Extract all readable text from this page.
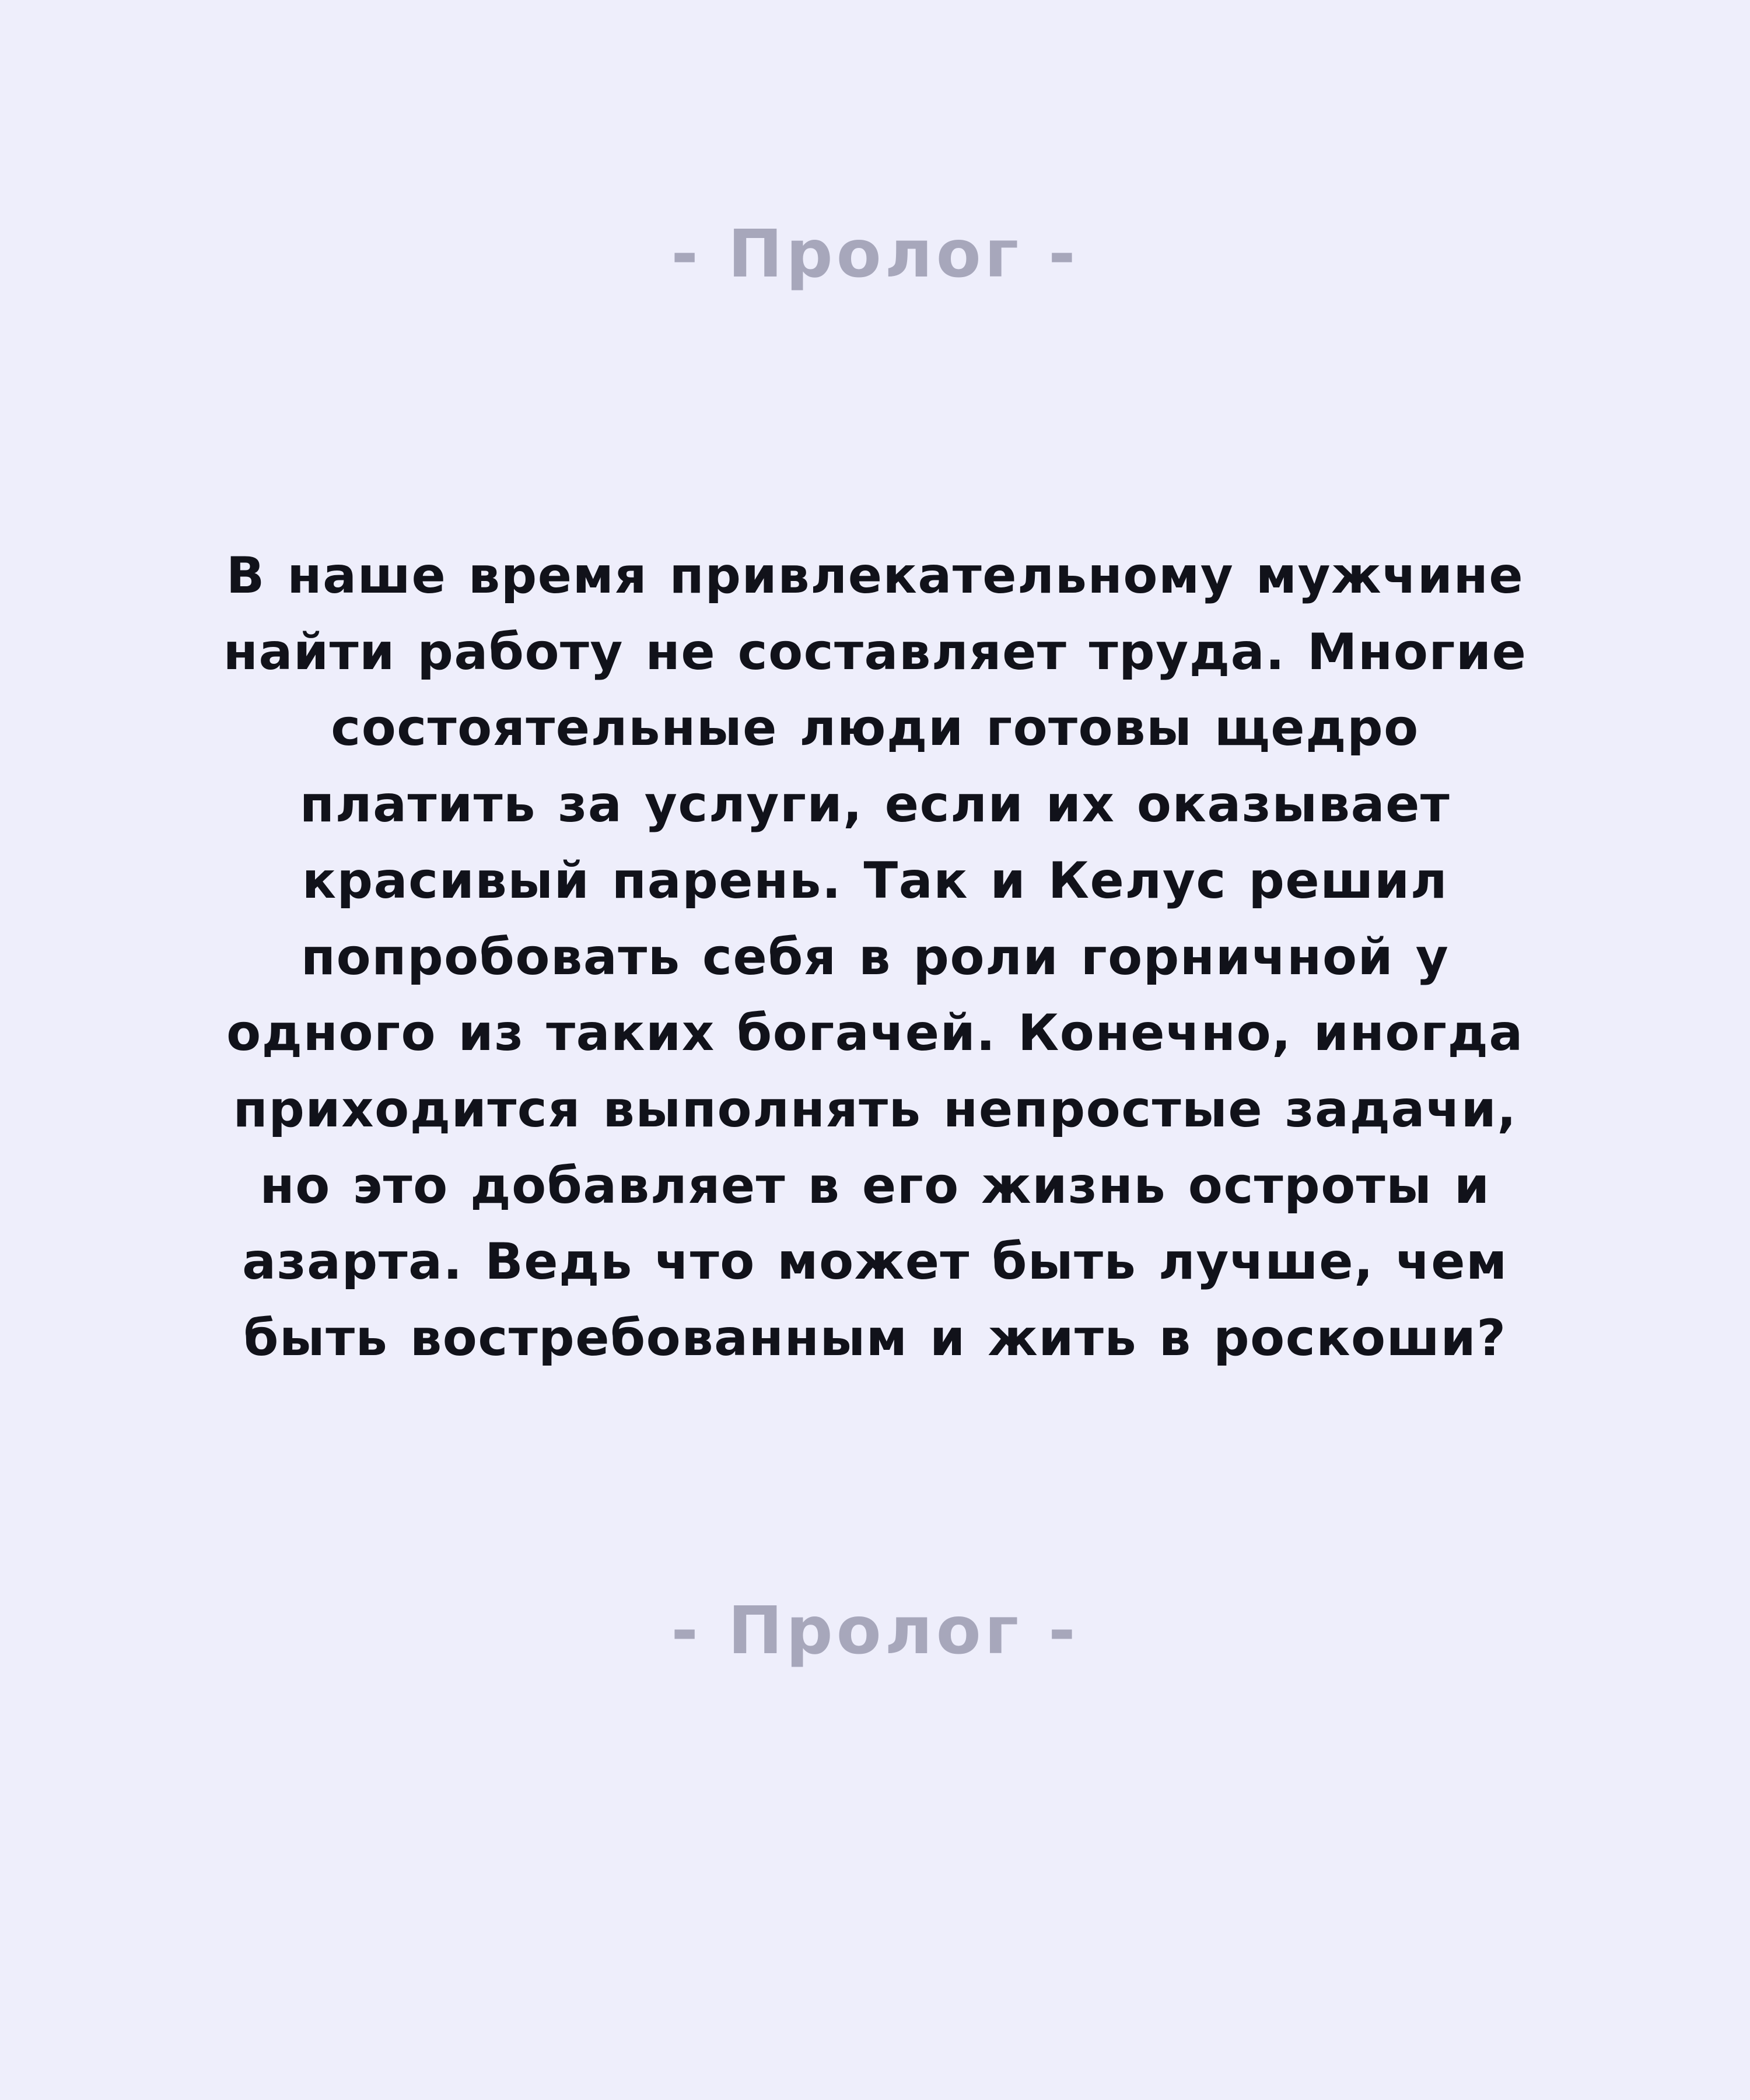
- Пролог -

В наше время привлекательному мужчине найти работу не составляет труда. Многие состоятельные люди готовы щедро платить за услуги, если их оказывает красивый парень. Так и Келус решил попробовать себя в роли горничной у одного из таких богачей. Конечно, иногда приходится выполнять непростые задачи, но это добавляет в его жизнь остроты и азарта. Ведь что может быть лучше, чем быть востребованным и жить в роскоши?

- Пролог -
